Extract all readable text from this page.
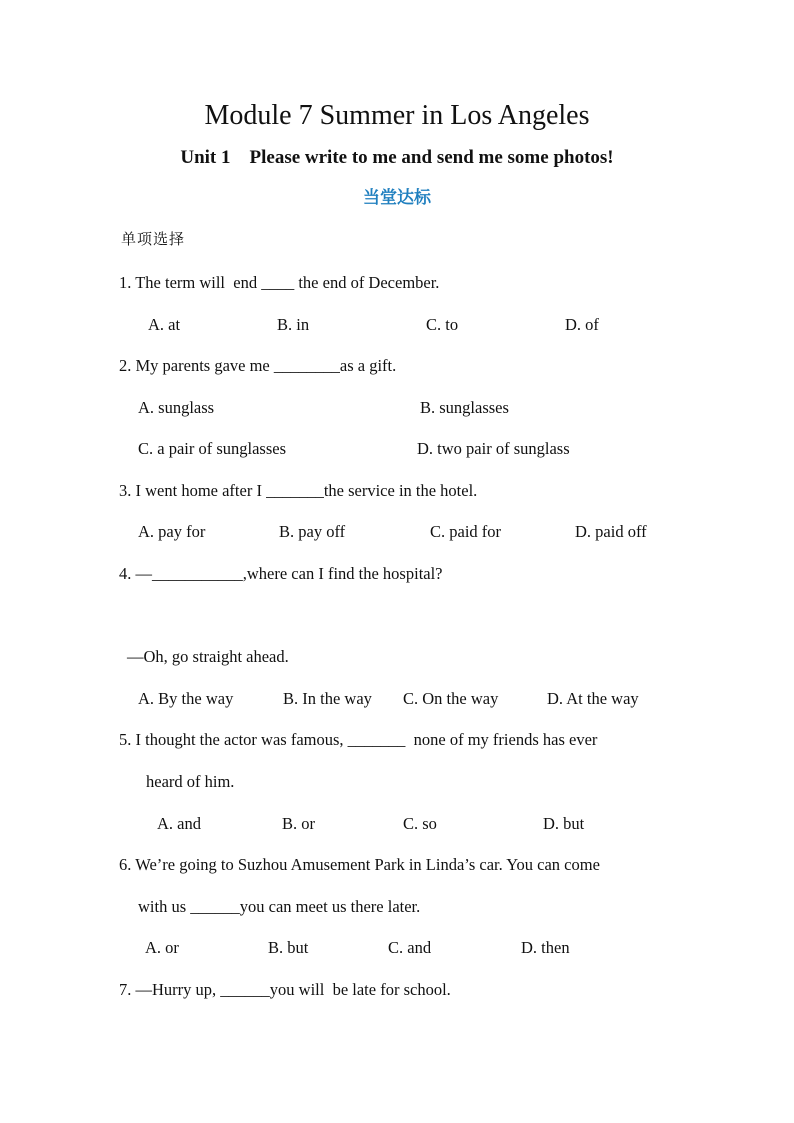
Module 7 Summer in Los Angeles
Unit 1    Please write to me and send me some photos!
当堂达标
单项选择
1. The term will  end ____ the end of December.
A. at	B. in	C. to	D. of
2. My parents gave me ________as a gift.
A. sunglass	B. sunglasses
C. a pair of sunglasses	D. two pair of sunglass
3. I went home after I _______the service in the hotel.
A. pay for	B. pay off	C. paid for	D. paid off
4. —___________,where can I find the hospital?
—Oh, go straight ahead.
A. By the way	B. In the way C. On the way	D. At the way
5. I thought the actor was famous, _______  none of my friends has ever
heard of him.
A. and	B. or	C. so	D. but
6. We’re going to Suzhou Amusement Park in Linda’s car. You can come
with us ______you can meet us there later.
A. or	B. but	C. and	D. then
7. —Hurry up, ______you will  be late for school.
